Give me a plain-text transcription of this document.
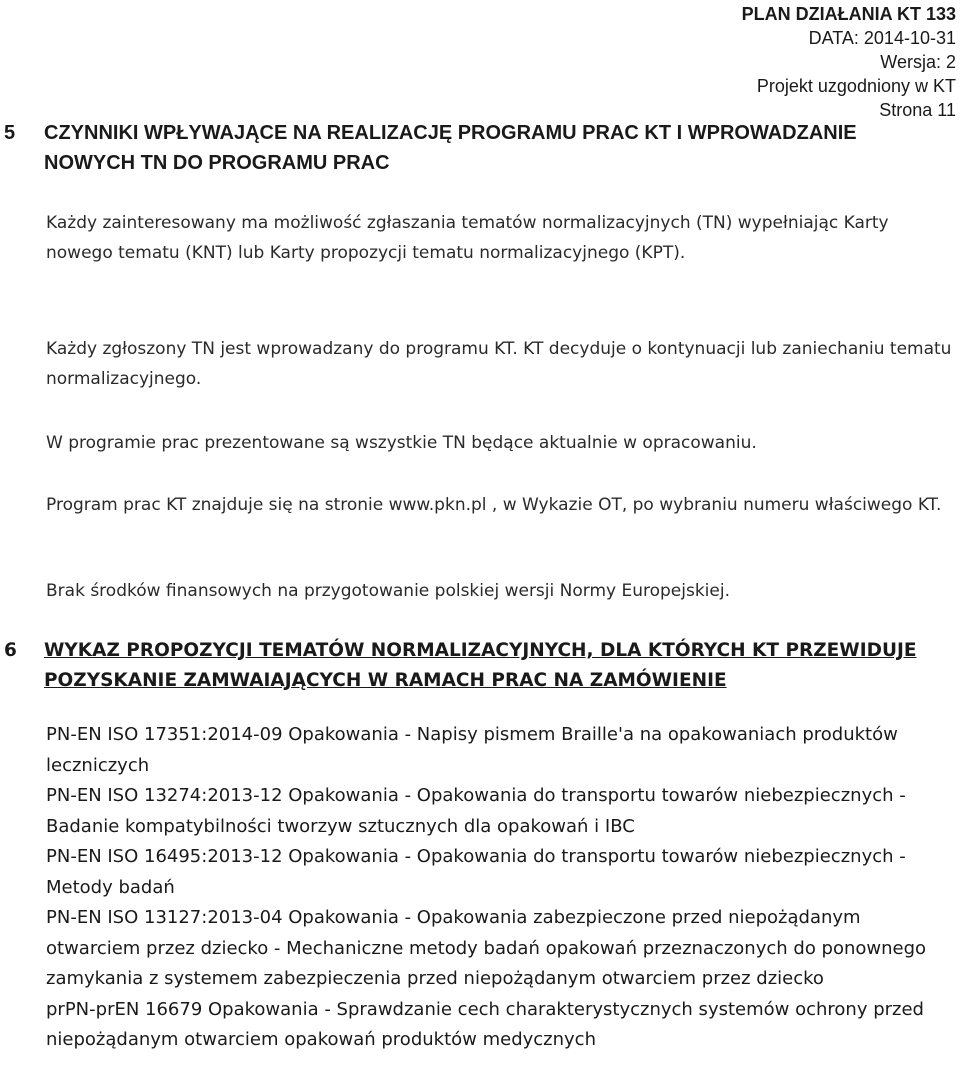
PLAN DZIAŁANIA KT 133
DATA: 2014-10-31
Wersja: 2
Projekt uzgodniony w KT
Strona 11
5	CZYNNIKI WPŁYWAJĄCE NA REALIZACJĘ PROGRAMU PRAC KT I WPROWADZANIE NOWYCH TN DO PROGRAMU PRAC

Każdy zainteresowany ma możliwość zgłaszania tematów normalizacyjnych (TN) wypełniając Karty nowego tematu (KNT) lub Karty propozycji tematu normalizacyjnego (KPT).

Każdy zgłoszony TN jest wprowadzany do programu KT. KT decyduje o kontynuacji lub zaniechaniu tematu normalizacyjnego.

W programie prac prezentowane są wszystkie TN będące aktualnie w opracowaniu.

Program prac KT znajduje się na stronie www.pkn.pl , w Wykazie OT, po wybraniu numeru właściwego KT.

Brak środków finansowych na przygotowanie polskiej wersji Normy Europejskiej.

6	WYKAZ PROPOZYCJI TEMATÓW NORMALIZACYJNYCH, DLA KTÓRYCH KT PRZEWIDUJE POZYSKANIE ZAMWAIAJĄCYCH W RAMACH PRAC NA ZAMÓWIENIE

PN-EN ISO 17351:2014-09 Opakowania - Napisy pismem Braille'a na opakowaniach produktów leczniczych

PN-EN ISO 13274:2013-12 Opakowania - Opakowania do transportu towarów niebezpiecznych - Badanie kompatybilności tworzyw sztucznych dla opakowań i IBC

PN-EN ISO 16495:2013-12 Opakowania - Opakowania do transportu towarów niebezpiecznych - Metody badań

PN-EN ISO 13127:2013-04 Opakowania - Opakowania zabezpieczone przed niepożądanym otwarciem przez dziecko - Mechaniczne metody badań opakowań przeznaczonych do ponownego zamykania z systemem zabezpieczenia przed niepożądanym otwarciem przez dziecko

prPN-prEN 16679 Opakowania - Sprawdzanie cech charakterystycznych systemów ochrony przed niepożądanym otwarciem opakowań produktów medycznych
